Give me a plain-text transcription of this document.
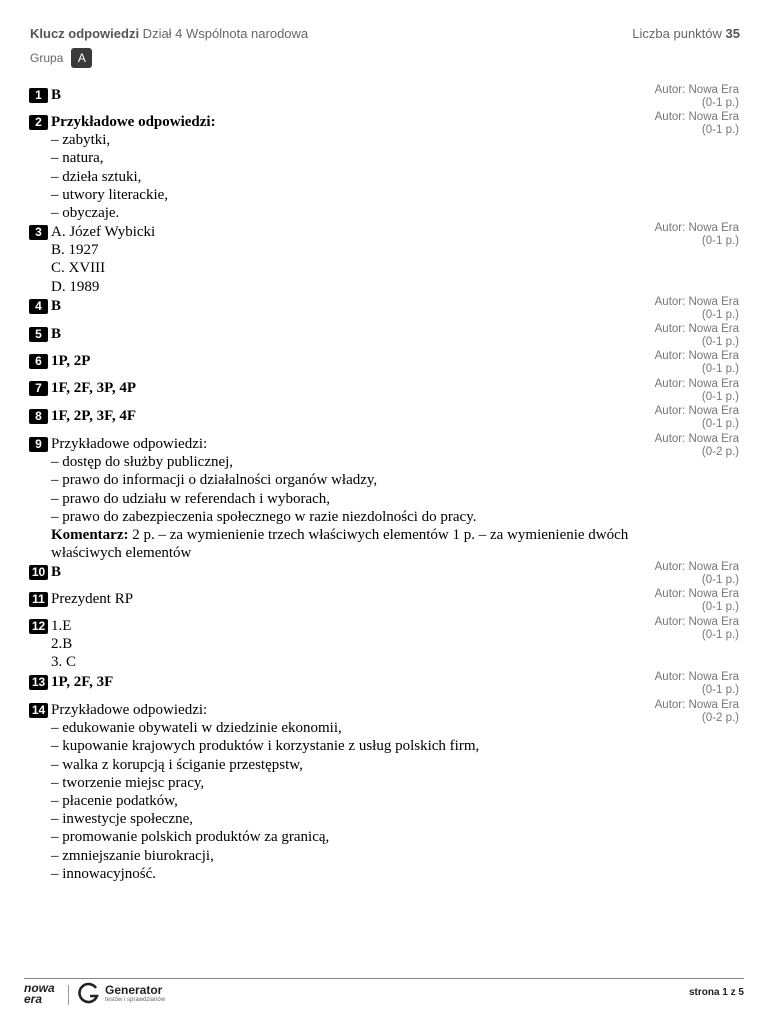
Klucz odpowiedzi Dział 4 Wspólnota narodowa	Liczba punktów 35
Grupa	A
1 B
2 Przykładowe odpowiedzi:
– zabytki,
– natura,
– dzieła sztuki,
– utwory literackie,
– obyczaje.
3 A. Józef Wybicki
B. 1927
C. XVIII
D. 1989
4 B
5 B
6 1P, 2P
7 1F, 2F, 3P, 4P
8 1F, 2P, 3F, 4F
9 Przykładowe odpowiedzi:
– dostęp do służby publicznej,
– prawo do informacji o działalności organów władzy,
– prawo do udziału w referendach i wyborach,
– prawo do zabezpieczenia społecznego w razie niezdolności do pracy.
Komentarz: 2 p. – za wymienienie trzech właściwych elementów 1 p. – za wymienienie dwóch właściwych elementów
10 B
11 Prezydent RP
12 1.E
2.B
3. C
13 1P, 2F, 3F
14 Przykładowe odpowiedzi:
– edukowanie obywateli w dziedzinie ekonomii,
– kupowanie krajowych produktów i korzystanie z usług polskich firm,
– walka z korupcją i ściganie przestępstw,
– tworzenie miejsc pracy,
– płacenie podatków,
– inwestycje społeczne,
– promowanie polskich produktów za granicą,
– zmniejszanie biurokracji,
– innowacyjność.
Autor: Nowa Era
(0-1 p.)
Autor: Nowa Era
(0-1 p.)
Autor: Nowa Era
(0-1 p.)
Autor: Nowa Era
(0-1 p.)
Autor: Nowa Era
(0-1 p.)
Autor: Nowa Era
(0-1 p.)
Autor: Nowa Era
(0-1 p.)
Autor: Nowa Era
(0-1 p.)
Autor: Nowa Era
(0-2 p.)
Autor: Nowa Era
(0-1 p.)
Autor: Nowa Era
(0-1 p.)
Autor: Nowa Era
(0-1 p.)
Autor: Nowa Era
(0-1 p.)
Autor: Nowa Era
(0-2 p.)
nowa
era
Generator
testów i sprawdzianów
strona 1 z 5
